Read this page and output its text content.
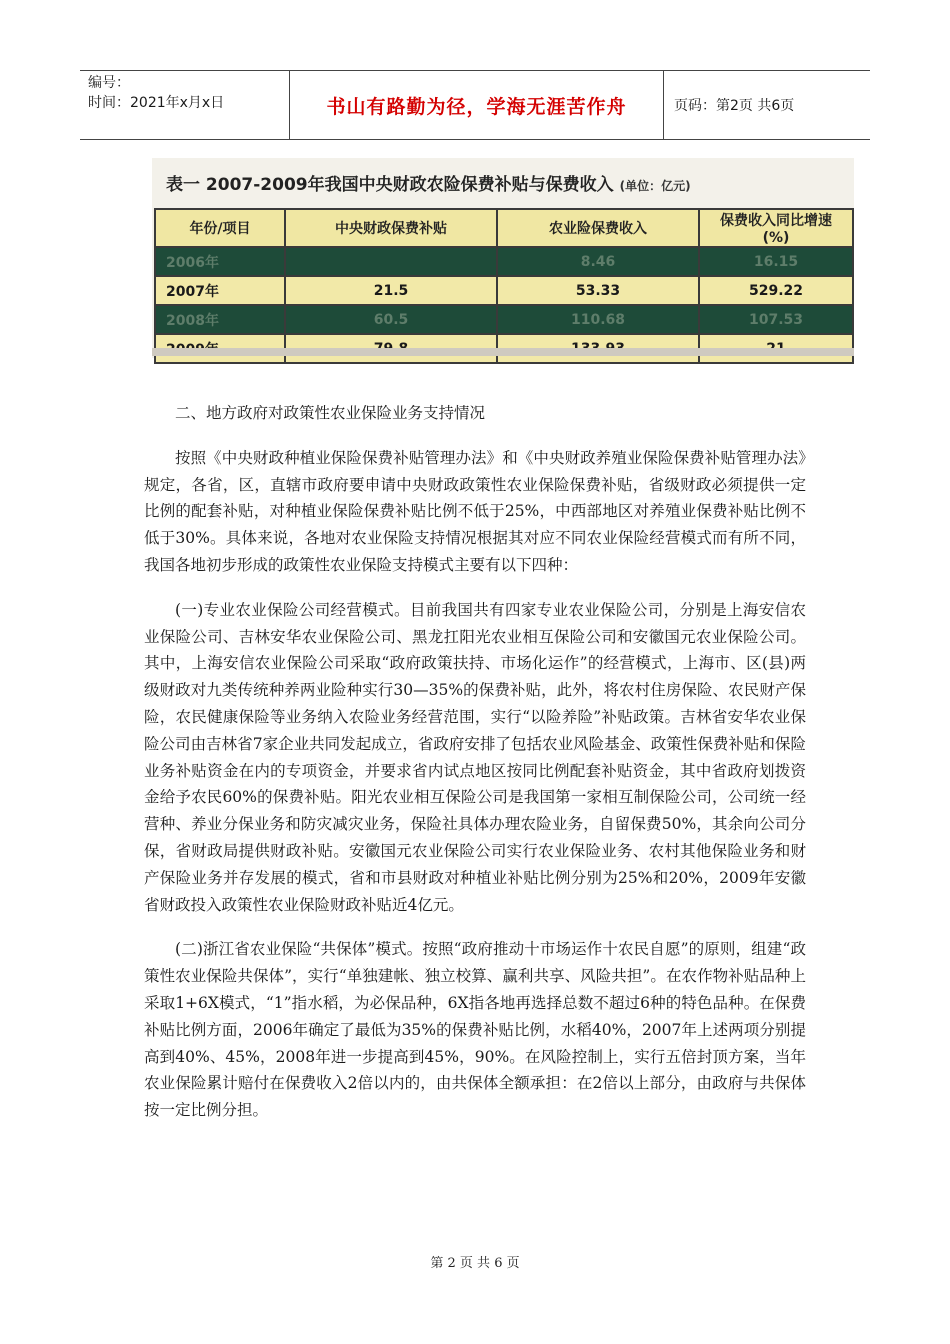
编号：
时间：2021年x月x日	书山有路勤为径，学海无涯苦作舟	页码：第2页 共6页
表一 2007-2009年我国中央财政农险保费补贴与保费收入 (单位：亿元)
年份/项目	中央财政保费补贴	农业险保费收入	保费收入同比增速 (%)
2006年		8.46	16.15
2007年	21.5	53.33	529.22
2008年	60.5	110.68	107.53

二、地方政府对政策性农业保险业务支持情况

按照《中央财政种植业保险保费补贴管理办法》和《中央财政养殖业保险保费补贴管理办法》规定，各省，区，直辖市政府要申请中央财政政策性农业保险保费补贴，省级财政必须提供一定比例的配套补贴，对种植业保险保费补贴比例不低于25%，中西部地区对养殖业保费补贴比例不低于30%。具体来说，各地对农业保险支持情况根据其对应不同农业保险经营模式而有所不同，我国各地初步形成的政策性农业保险支持模式主要有以下四种：

(一)专业农业保险公司经营模式。目前我国共有四家专业农业保险公司，分别是上海安信农业保险公司、吉林安华农业保险公司、黑龙扛阳光农业相互保险公司和安徽国元农业保险公司。其中，上海安信农业保险公司采取“政府政策扶持、市场化运作”的经营模式，上海市、区(县)两级财政对九类传统种养两业险种实行30—35%的保费补贴，此外，将农村住房保险、农民财产保险，农民健康保险等业务纳入农险业务经营范围，实行“以险养险”补贴政策。吉林省安华农业保险公司由吉林省7家企业共同发起成立，省政府安排了包括农业风险基金、政策性保费补贴和保险业务补贴资金在内的专项资金，并要求省内试点地区按同比例配套补贴资金，其中省政府划拨资金给予农民60%的保费补贴。阳光农业相互保险公司是我国第一家相互制保险公司，公司统一经营种、养业分保业务和防灾减灾业务，保险社具体办理农险业务，自留保费50%，其余向公司分保，省财政局提供财政补贴。安徽国元农业保险公司实行农业保险业务、农村其他保险业务和财产保险业务并存发展的模式，省和市县财政对种植业补贴比例分别为25%和20%，2009年安徽省财政投入政策性农业保险财政补贴近4亿元。

(二)浙江省农业保险“共保体”模式。按照“政府推动十市场运作十农民自愿”的原则，组建“政策性农业保险共保体”，实行“单独建帐、独立校算、赢利共享、风险共担”。在农作物补贴品种上采取1+6X模式，“1”指水稻，为必保品种，6X指各地再选择总数不超过6种的特色品种。在保费补贴比例方面，2006年确定了最低为35%的保费补贴比例，水稻40%，2007年上述两项分别提高到40%、45%，2008年进一步提高到45%，90%。在风险控制上，实行五倍封顶方案，当年农业保险累计赔付在保费收入2倍以内的，由共保体全额承担：在2倍以上部分，由政府与共保体按一定比例分担。

第 2 页 共 6 页
